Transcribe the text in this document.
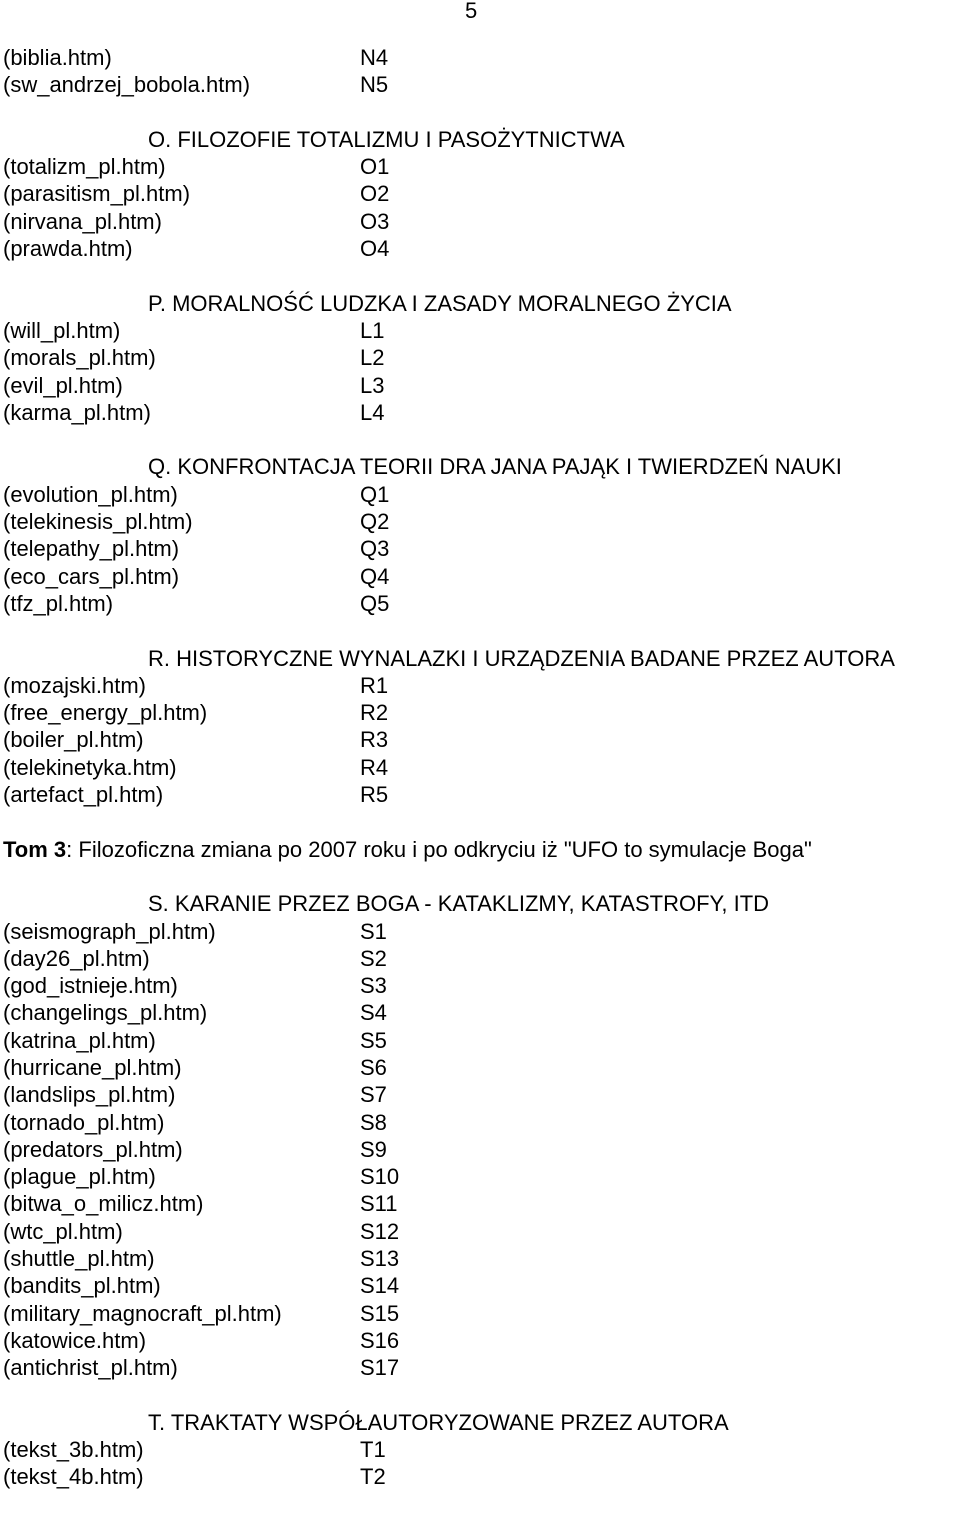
5
(biblia.htm)	N4
(sw_andrzej_bobola.htm)	N5
O. FILOZOFIE TOTALIZMU I PASOŻYTNICTWA
(totalizm_pl.htm)	O1
(parasitism_pl.htm)	O2
(nirvana_pl.htm)	O3
(prawda.htm)	O4
P. MORALNOŚĆ LUDZKA I ZASADY MORALNEGO ŻYCIA
(will_pl.htm)	L1
(morals_pl.htm)	L2
(evil_pl.htm)	L3
(karma_pl.htm)	L4
Q. KONFRONTACJA TEORII DRA JANA PAJĄK I TWIERDZEŃ NAUKI
(evolution_pl.htm)	Q1
(telekinesis_pl.htm)	Q2
(telepathy_pl.htm)	Q3
(eco_cars_pl.htm)	Q4
(tfz_pl.htm)	Q5
R. HISTORYCZNE WYNALAZKI I URZĄDZENIA BADANE PRZEZ AUTORA
(mozajski.htm)	R1
(free_energy_pl.htm)	R2
(boiler_pl.htm)	R3
(telekinetyka.htm)	R4
(artefact_pl.htm)	R5
Tom 3: Filozoficzna zmiana po 2007 roku i po odkryciu iż "UFO to symulacje Boga"
S. KARANIE PRZEZ BOGA - KATAKLIZMY, KATASTROFY, ITD
(seismograph_pl.htm)	S1
(day26_pl.htm)	S2
(god_istnieje.htm)	S3
(changelings_pl.htm)	S4
(katrina_pl.htm)	S5
(hurricane_pl.htm)	S6
(landslips_pl.htm)	S7
(tornado_pl.htm)	S8
(predators_pl.htm)	S9
(plague_pl.htm)	S10
(bitwa_o_milicz.htm)	S11
(wtc_pl.htm)	S12
(shuttle_pl.htm)	S13
(bandits_pl.htm)	S14
(military_magnocraft_pl.htm)	S15
(katowice.htm)	S16
(antichrist_pl.htm)	S17
T. TRAKTATY WSPÓŁAUTORYZOWANE PRZEZ AUTORA
(tekst_3b.htm)	T1
(tekst_4b.htm)	T2
